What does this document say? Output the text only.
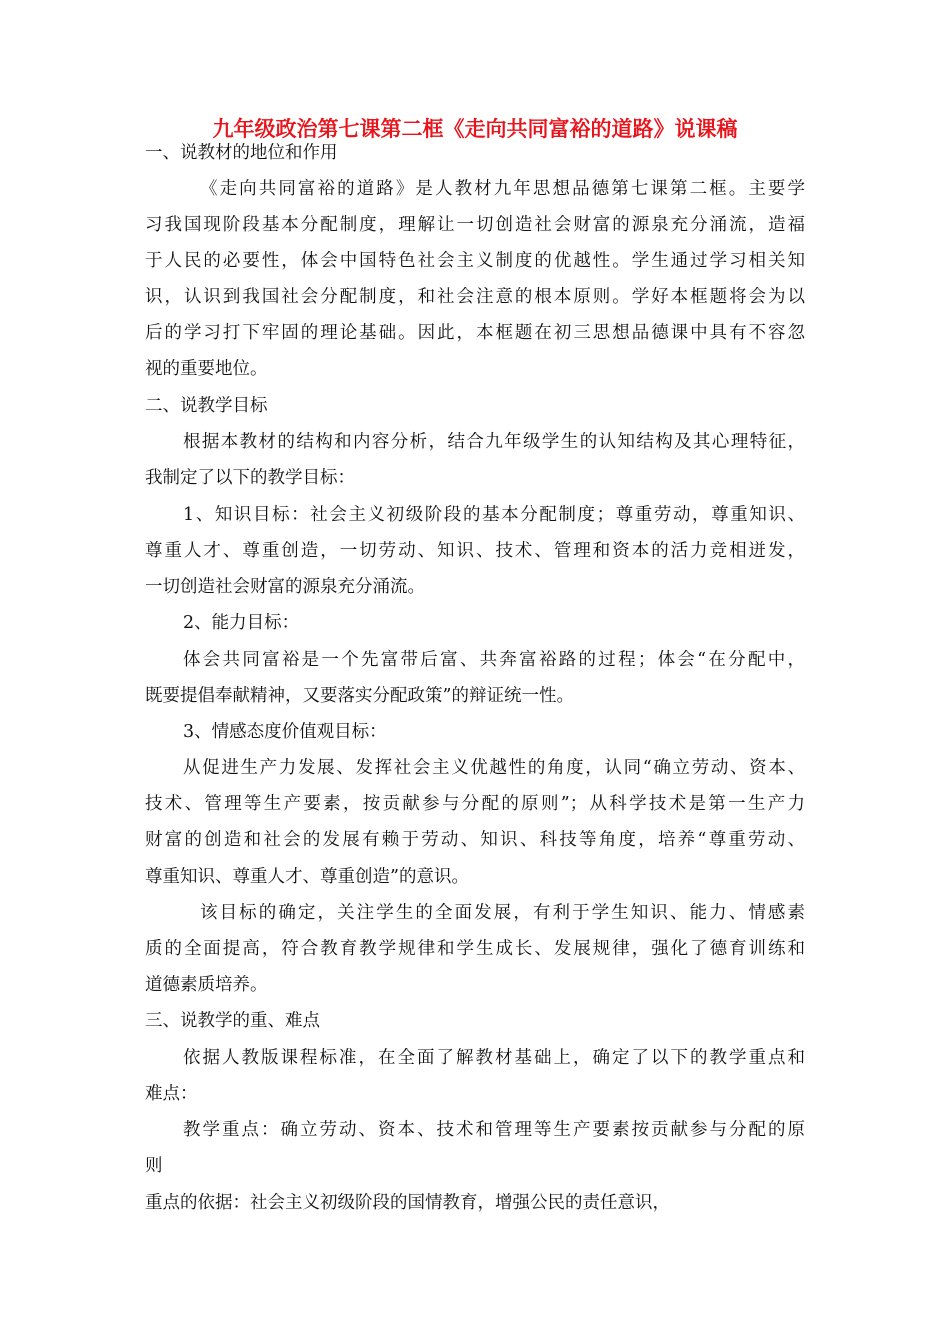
九年级政治第七课第二框《走向共同富裕的道路》说课稿
一、说教材的地位和作用
《走向共同富裕的道路》是人教材九年思想品德第七课第二框。主要学
习我国现阶段基本分配制度，理解让一切创造社会财富的源泉充分涌流，造福
于人民的必要性，体会中国特色社会主义制度的优越性。学生通过学习相关知
识，认识到我国社会分配制度，和社会注意的根本原则。学好本框题将会为以
后的学习打下牢固的理论基础。因此，本框题在初三思想品德课中具有不容忽
视的重要地位。
二、说教学目标
根据本教材的结构和内容分析，结合九年级学生的认知结构及其心理特征，
我制定了以下的教学目标：
1、知识目标：社会主义初级阶段的基本分配制度；尊重劳动，尊重知识、
尊重人才、尊重创造，一切劳动、知识、技术、管理和资本的活力竞相迸发，
一切创造社会财富的源泉充分涌流。
2、能力目标：
体会共同富裕是一个先富带后富、共奔富裕路的过程；体会“在分配中，
既要提倡奉献精神，又要落实分配政策”的辩证统一性。
3、情感态度价值观目标：
从促进生产力发展、发挥社会主义优越性的角度，认同“确立劳动、资本、
技术、管理等生产要素，按贡献参与分配的原则”；从科学技术是第一生产力
财富的创造和社会的发展有赖于劳动、知识、科技等角度，培养“尊重劳动、
尊重知识、尊重人才、尊重创造”的意识。
该目标的确定，关注学生的全面发展，有利于学生知识、能力、情感素
质的全面提高，符合教育教学规律和学生成长、发展规律，强化了德育训练和
道德素质培养。
三、说教学的重、难点
依据人教版课程标准，在全面了解教材基础上，确定了以下的教学重点和
难点：
教学重点：确立劳动、资本、技术和管理等生产要素按贡献参与分配的原
则
重点的依据：社会主义初级阶段的国情教育，增强公民的责任意识，
